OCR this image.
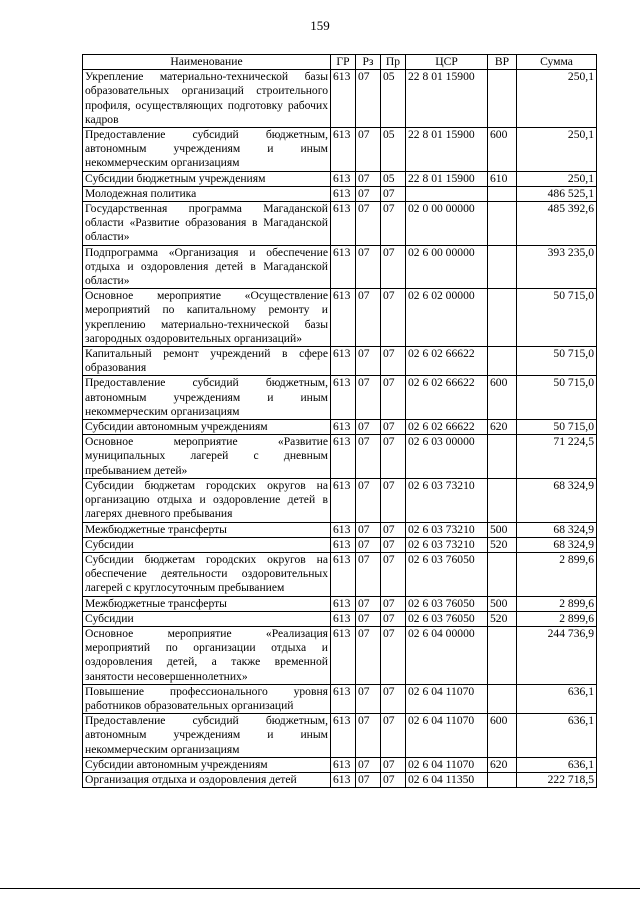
159
Наименование	ГР	Рз	Пр	ЦСР	ВР	Сумма
Укрепление материально-технической базы образовательных организаций строительного профиля, осуществляющих подготовку рабочих кадров	613	07	05	22 8 01 15900		250,1
Предоставление субсидий бюджетным, автономным учреждениям и иным некоммерческим организациям	613	07	05	22 8 01 15900	600	250,1
Субсидии бюджетным учреждениям	613	07	05	22 8 01 15900	610	250,1
Молодежная политика	613	07	07			486 525,1
Государственная программа Магаданской области «Развитие образования в Магаданской области»	613	07	07	02 0 00 00000		485 392,6
Подпрограмма «Организация и обеспечение отдыха и оздоровления детей в Магаданской области»	613	07	07	02 6 00 00000		393 235,0
Основное мероприятие «Осуществление мероприятий по капитальному ремонту и укреплению материально-технической базы загородных оздоровительных организаций»	613	07	07	02 6 02 00000		50 715,0
Капитальный ремонт учреждений в сфере образования	613	07	07	02 6 02 66622		50 715,0
Предоставление субсидий бюджетным, автономным учреждениям и иным некоммерческим организациям	613	07	07	02 6 02 66622	600	50 715,0
Субсидии автономным учреждениям	613	07	07	02 6 02 66622	620	50 715,0
Основное мероприятие «Развитие муниципальных лагерей с дневным пребыванием детей»	613	07	07	02 6 03 00000		71 224,5
Субсидии бюджетам городских округов на организацию отдыха и оздоровление детей в лагерях дневного пребывания	613	07	07	02 6 03 73210		68 324,9
Межбюджетные трансферты	613	07	07	02 6 03 73210	500	68 324,9
Субсидии	613	07	07	02 6 03 73210	520	68 324,9
Субсидии бюджетам городских округов на обеспечение деятельности оздоровительных лагерей с круглосуточным пребыванием	613	07	07	02 6 03 76050		2 899,6
Межбюджетные трансферты	613	07	07	02 6 03 76050	500	2 899,6
Субсидии	613	07	07	02 6 03 76050	520	2 899,6
Основное мероприятие «Реализация мероприятий по организации отдыха и оздоровления детей, а также временной занятости несовершеннолетних»	613	07	07	02 6 04 00000		244 736,9
Повышение профессионального уровня работников образовательных организаций	613	07	07	02 6 04 11070		636,1
Предоставление субсидий бюджетным, автономным учреждениям и иным некоммерческим организациям	613	07	07	02 6 04 11070	600	636,1
Субсидии автономным учреждениям	613	07	07	02 6 04 11070	620	636,1
Организация отдыха и оздоровления детей	613	07	07	02 6 04 11350		222 718,5
